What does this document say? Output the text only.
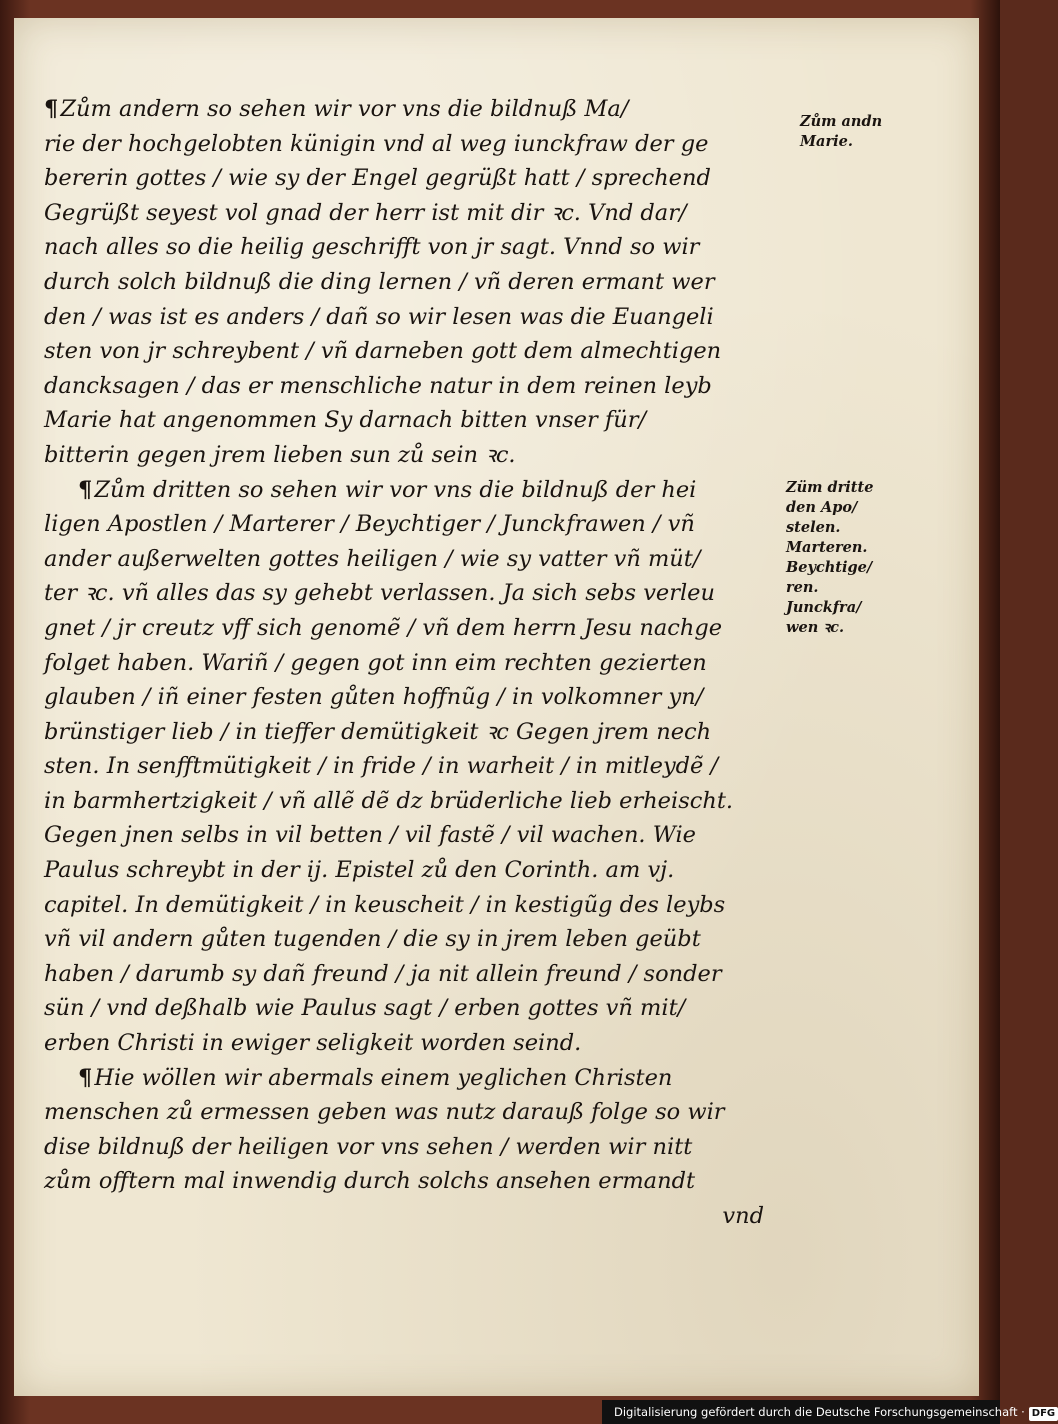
¶Zům andern so sehen wir vor vns die bildnuß Ma/
rie der hochgelobten künigin vnd al weg iunckfraw der ge
bererin gottes / wie sy der Engel gegrüßt hatt / sprechend
Gegrüßt seyest vol gnad der herr ist mit dir ꝛc. Vnd dar/
nach alles so die heilig geschrifft von jr sagt. Vnnd so wir
durch solch bildnuß die ding lernen / vñ deren ermant wer
den / was ist es anders / dañ so wir lesen was die Euangeli
sten von jr schreybent / vñ darneben gott dem almechtigen
dancksagen / das er menschliche natur in dem reinen leyb
Marie hat angenommen Sy darnach bitten vnser für/
bitterin gegen jrem lieben sun zů sein ꝛc.
¶Zům dritten so sehen wir vor vns die bildnuß der hei
ligen Apostlen / Marterer / Beychtiger / Junckfrawen / vñ
ander außerwelten gottes heiligen / wie sy vatter vñ müt/
ter ꝛc. vñ alles das sy gehebt verlassen. Ja sich sebs verleu
gnet / jr creutz vff sich genomẽ / vñ dem herrn Jesu nachge
folget haben. Wariñ / gegen got inn eim rechten gezierten
glauben / iñ einer festen gůten hoffnũg / in volkomner yn/
brünstiger lieb / in tieffer demütigkeit ꝛc Gegen jrem nech
sten. In senfftmütigkeit / in fride / in warheit / in mitleydẽ /
in barmhertzigkeit / vñ allẽ dẽ dz brüderliche lieb erheischt.
Gegen jnen selbs in vil betten / vil fastẽ / vil wachen. Wie
Paulus schreybt in der ij. Epistel zů den Corinth. am vj.
capitel. In demütigkeit / in keuscheit / in kestigũg des leybs
vñ vil andern gůten tugenden / die sy in jrem leben geübt
haben / darumb sy dañ freund / ja nit allein freund / sonder
sün / vnd deßhalb wie Paulus sagt / erben gottes vñ mit/
erben Christi in ewiger seligkeit worden seind.
¶Hie wöllen wir abermals einem yeglichen Christen
menschen zů ermessen geben was nutz darauß folge so wir
dise bildnuß der heiligen vor vns sehen / werden wir nitt
zům offtern mal inwendig durch solchs ansehen ermandt
vnd
Zům andn
Marie.
Züm dritte
den Apo/
stelen.
Marteren.
Beychtige/
ren.
Junckfra/
wen ꝛc.
Digitalisierung gefördert durch die Deutsche Forschungsgemeinschaft · DFG
